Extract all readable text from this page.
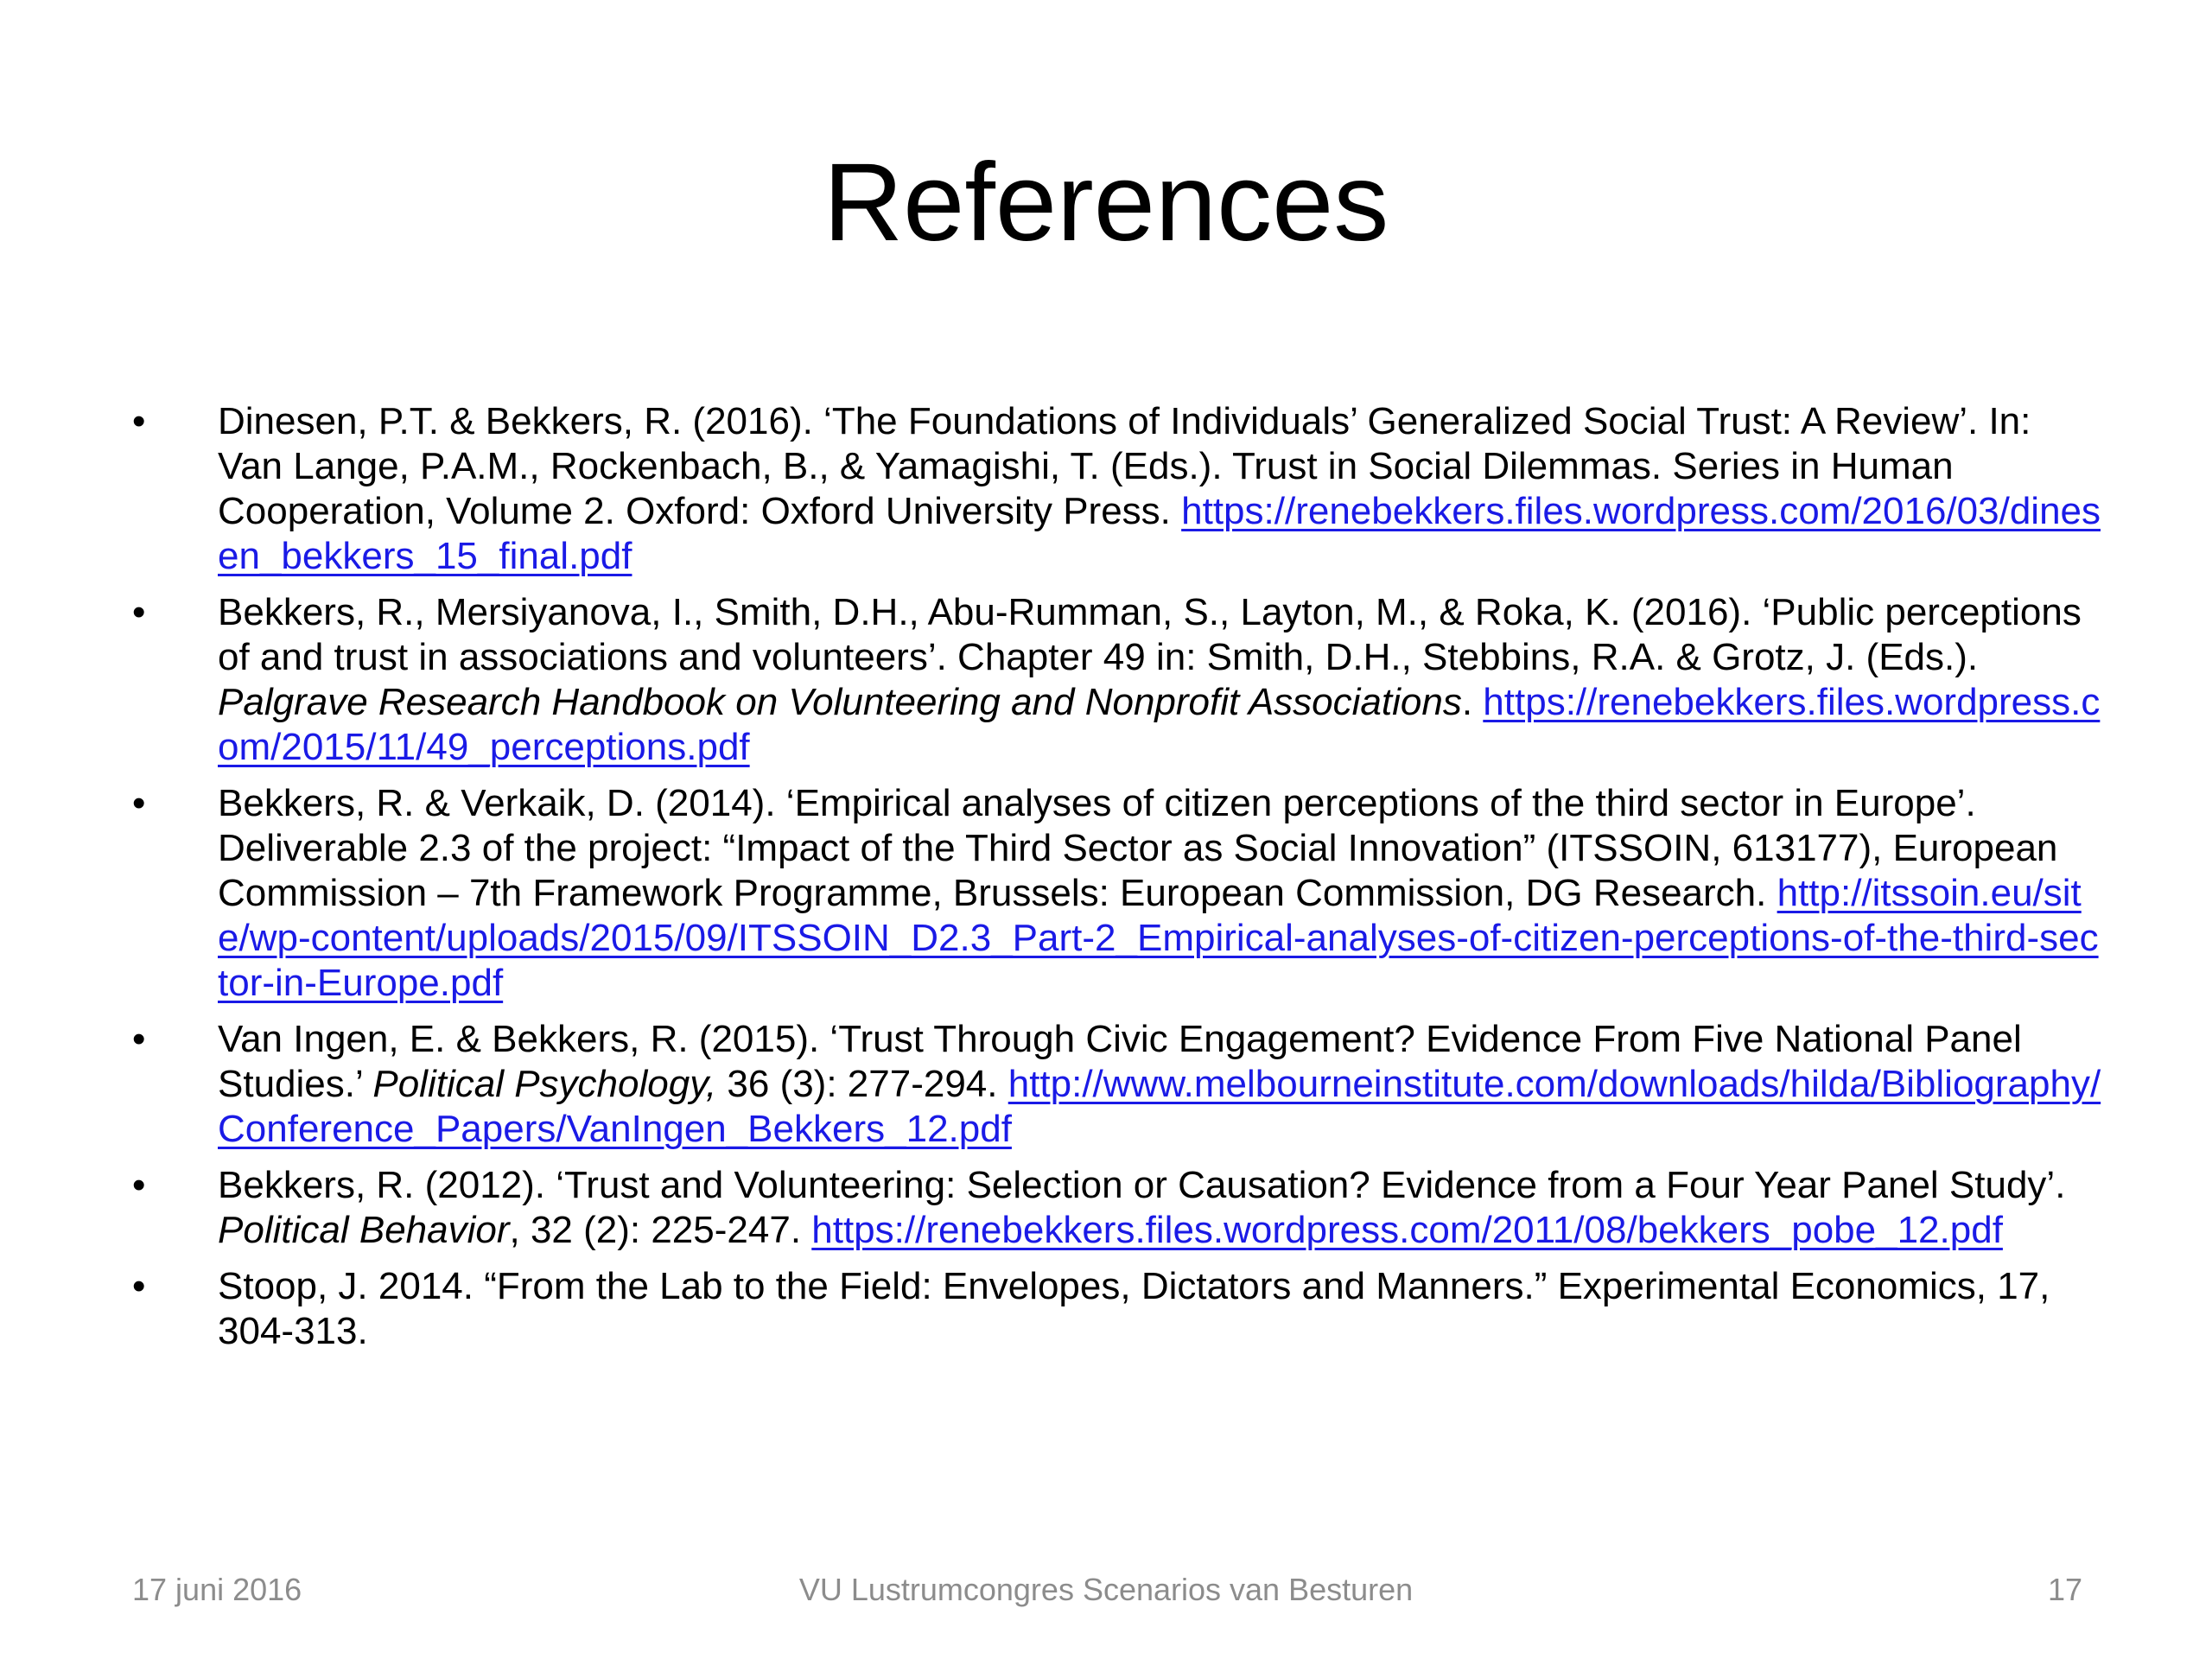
References
•	Dinesen, P.T. & Bekkers, R. (2016). ‘The Foundations of Individuals’ Generalized Social Trust: A Review’. In: Van Lange, P.A.M., Rockenbach, B., & Yamagishi, T. (Eds.). Trust in Social Dilemmas. Series in Human Cooperation, Volume 2. Oxford: Oxford University Press. https://renebekkers.files.wordpress.com/2016/03/dinesen_bekkers_15_final.pdf
•	Bekkers, R., Mersiyanova, I., Smith, D.H., Abu-Rumman, S., Layton, M., & Roka, K. (2016). ‘Public perceptions of and trust in associations and volunteers’. Chapter 49 in: Smith, D.H., Stebbins, R.A. & Grotz, J. (Eds.). Palgrave Research Handbook on Volunteering and Nonprofit Associations. https://renebekkers.files.wordpress.com/2015/11/49_perceptions.pdf
•	Bekkers, R. & Verkaik, D. (2014). ‘Empirical analyses of citizen perceptions of the third sector in Europe’. Deliverable 2.3 of the project: “Impact of the Third Sector as Social Innovation” (ITSSOIN, 613177), European Commission – 7th Framework Programme, Brussels: European Commission, DG Research. http://itssoin.eu/site/wp-content/uploads/2015/09/ITSSOIN_D2.3_Part-2_Empirical-analyses-of-citizen-perceptions-of-the-third-sector-in-Europe.pdf
•	Van Ingen, E. & Bekkers, R. (2015). ‘Trust Through Civic Engagement? Evidence From Five National Panel Studies.’ Political Psychology, 36 (3): 277-294. http://www.melbourneinstitute.com/downloads/hilda/Bibliography/Conference_Papers/VanIngen_Bekkers_12.pdf
•	Bekkers, R. (2012). ‘Trust and Volunteering: Selection or Causation? Evidence from a Four Year Panel Study’. Political Behavior, 32 (2): 225-247. https://renebekkers.files.wordpress.com/2011/08/bekkers_pobe_12.pdf
•	Stoop, J. 2014. “From the Lab to the Field: Envelopes, Dictators and Manners.” Experimental Economics, 17, 304-313.
17 juni 2016	VU Lustrumcongres Scenarios van Besturen	17
